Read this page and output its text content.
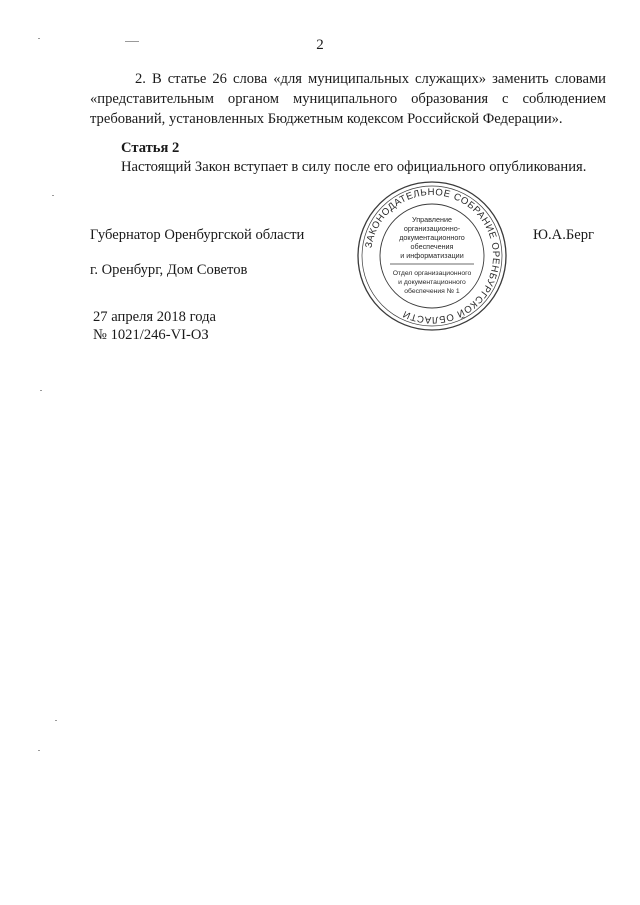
2
2. В статье 26 слова «для муниципальных служащих» заменить словами
«представительным органом муниципального образования с соблюдением
требований, установленных Бюджетным кодексом Российской Федерации».
Статья 2
Настоящий Закон вступает в силу после его официального опубликования.
Губернатор Оренбургской области	Ю.А.Берг
г. Оренбург, Дом Советов
27 апреля 2018 года
№ 1021/246-VI-ОЗ
ЗАКОНОДАТЕЛЬНОЕ СОБРАНИЕ ОРЕНБУРГСКОЙ ОБЛАСТИ
Управление
организационно-
документационного
обеспечения
и информатизации
Отдел организационного
и документационного
обеспечения № 1
